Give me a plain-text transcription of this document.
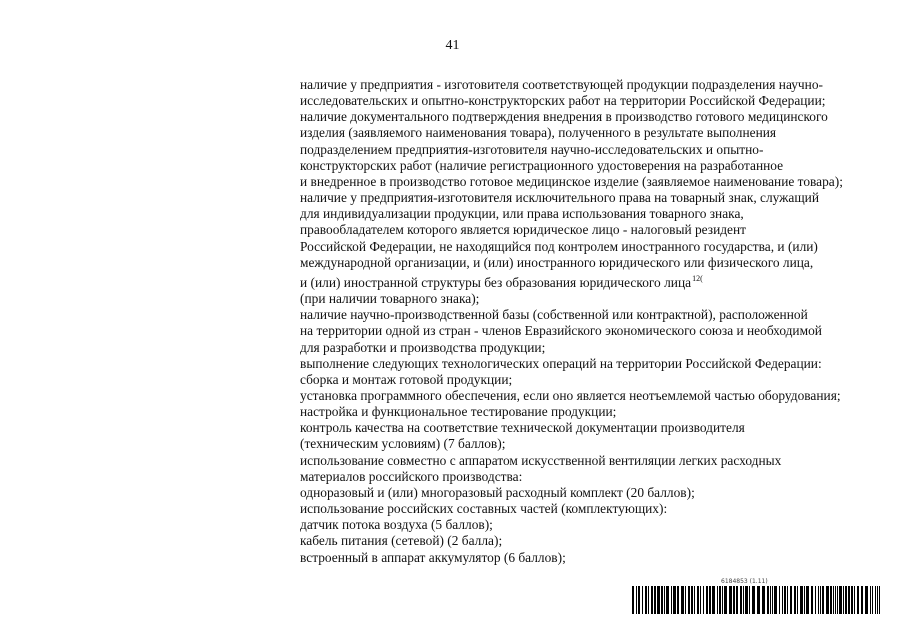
41
наличие у предприятия - изготовителя соответствующей продукции подразделения научно-
исследовательских и опытно-конструкторских работ на территории Российской Федерации;
наличие документального подтверждения внедрения в производство готового медицинского
изделия (заявляемого наименования товара), полученного в результате выполнения
подразделением предприятия-изготовителя научно-исследовательских и опытно-
конструкторских работ (наличие регистрационного удостоверения на разработанное
и внедренное в производство готовое медицинское изделие (заявляемое наименование товара);
наличие у предприятия-изготовителя исключительного права на товарный знак, служащий
для индивидуализации продукции, или права использования товарного знака,
правообладателем которого является юридическое лицо - налоговый резидент
Российской Федерации, не находящийся под контролем иностранного государства, и (или)
международной организации, и (или) иностранного юридического или физического лица,
и (или) иностранной структуры без образования юридического лица$^{12(}$
(при наличии товарного знака);
наличие научно-производственной базы (собственной или контрактной), расположенной
на территории одной из стран - членов Евразийского экономического союза и необходимой
для разработки и производства продукции;
выполнение следующих технологических операций на территории Российской Федерации:
сборка и монтаж готовой продукции;
установка программного обеспечения, если оно является неотъемлемой частью оборудования;
настройка и функциональное тестирование продукции;
контроль качества на соответствие технической документации производителя
(техническим условиям) (7 баллов);
использование совместно с аппаратом искусственной вентиляции легких расходных
материалов российского производства:
одноразовый и (или) многоразовый расходный комплект (20 баллов);
использование российских составных частей (комплектующих):
датчик потока воздуха (5 баллов);
кабель питания (сетевой) (2 балла);
встроенный в аппарат аккумулятор (6 баллов);
6184853 (1.11)
